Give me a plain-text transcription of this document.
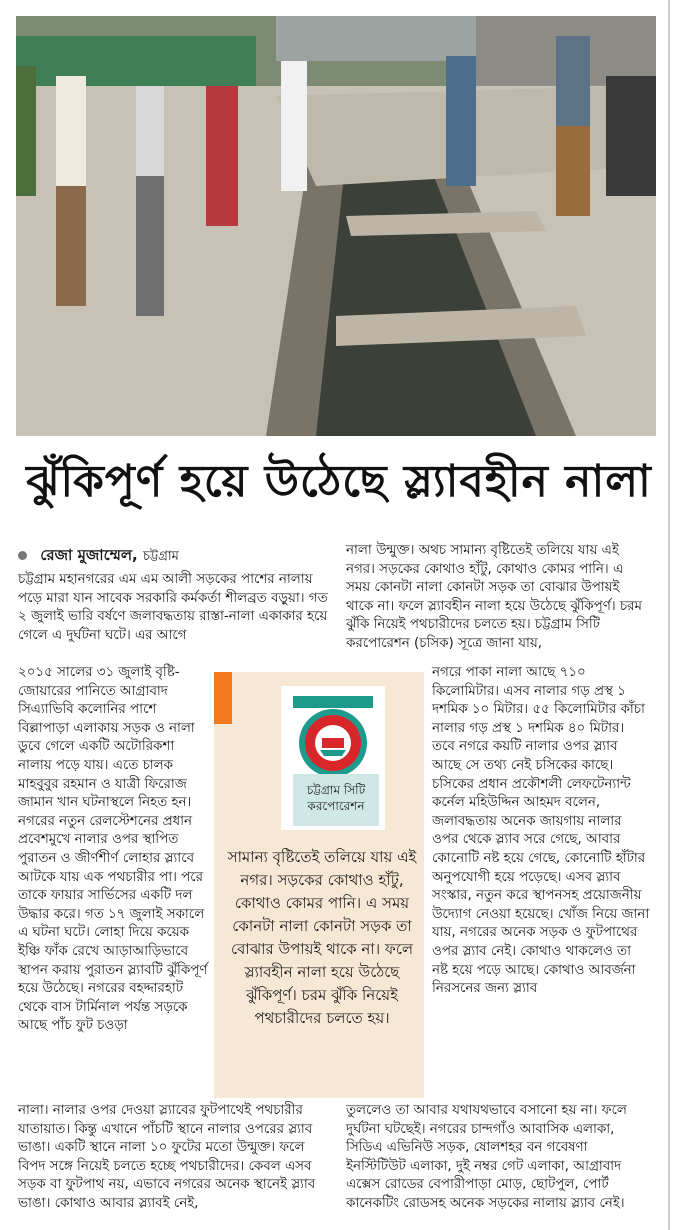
ঝুঁকিপূর্ণ হয়ে উঠেছে স্ল্যাবহীন নালা
রেজা মুজাম্মেল, চট্টগ্রাম

চট্টগ্রাম মহানগরের এম এম আলী সড়কের পাশের নালায় পড়ে মারা যান সাবেক সরকারি কর্মকর্তা শীলব্রত বড়ুয়া। গত ২ জুলাই ভারি বর্ষণে জলাবদ্ধতায় রাস্তা-নালা একাকার হয়ে গেলে এ দুর্ঘটনা ঘটে। এর আগে

২০১৫ সালের ৩১ জুলাই বৃষ্টি-জোয়ারের পানিতে আগ্রাবাদ সিএ্যাভিবি কলোনির পাশে বিল্লাপাড়া এলাকায় সড়ক ও নালা ডুবে গেলে একটি অটোরিকশা নালায় পড়ে যায়। এতে চালক মাহবুবুর রহমান ও যাত্রী ফিরোজ জামান খান ঘটনাস্থলে নিহত হন। নগরের নতুন রেলস্টেশনের প্রধান প্রবেশমুখে নালার ওপর স্থাপিত পুরাতন ও জীর্ণশীর্ণ লোহার স্ল্যাবে আটকে যায় এক পথচারীর পা। পরে তাকে ফায়ার সার্ভিসের একটি দল উদ্ধার করে। গত ১৭ জুলাই সকালে এ ঘটনা ঘটে। লোহা দিয়ে কয়েক ইঞ্চি ফাঁক রেখে আড়াআড়িভাবে স্থাপন করায় পুরাতন স্ল্যাবটি ঝুঁকিপূর্ণ হয়ে উঠেছে। নগরের বহদ্দারহাট থেকে বাস টার্মিনাল পর্যন্ত সড়কে আছে পাঁচ ফুট চওড়া

নালা। নালার ওপর দেওয়া স্ল্যাবের ফুটপাথেই পথচারীর যাতায়াত। কিন্তু এখানে পাঁচটি স্থানে নালার ওপরের স্ল্যাব ভাঙা। একটি স্থানে নালা ১০ ফুটের মতো উন্মুক্ত। ফলে বিপদ সঙ্গে নিয়েই চলতে হচ্ছে পথচারীদের। কেবল এসব সড়ক বা ফুটপাথ নয়, এভাবে নগরের অনেক স্থানেই স্ল্যাব ভাঙা। কোথাও আবার স্ল্যাবই নেই,

নালা উন্মুক্ত। অথচ সামান্য বৃষ্টিতেই তলিয়ে যায় এই নগর। সড়কের কোথাও হাঁটু, কোথাও কোমর পানি। এ সময় কোনটা নালা কোনটা সড়ক তা বোঝার উপায়ই থাকে না। ফলে স্ল্যাবহীন নালা হয়ে উঠেছে ঝুঁকিপূর্ণ। চরম ঝুঁকি নিয়েই পথচারীদের চলতে হয়। চট্টগ্রাম সিটি করপোরেশন (চসিক) সূত্রে জানা যায়,

নগরে পাকা নালা আছে ৭১০ কিলোমিটার। এসব নালার গড় প্রস্থ ১ দশমিক ১০ মিটার। ৫৫ কিলোমিটার কাঁচা নালার গড় প্রস্থ ১ দশমিক ৪০ মিটার। তবে নগরে কয়টি নালার ওপর স্ল্যাব আছে সে তথ্য নেই চসিকের কাছে। চসিকের প্রধান প্রকৌশলী লেফটেন্যান্ট কর্নেল মহিউদ্দিন আহমদ বলেন, জলাবদ্ধতায় অনেক জায়গায় নালার ওপর থেকে স্ল্যাব সরে গেছে, আবার কোনোটি নষ্ট হয়ে গেছে, কোনোটি হাঁটার অনুপযোগী হয়ে পড়েছে। এসব স্ল্যাব সংস্কার, নতুন করে স্থাপনসহ প্রয়োজনীয় উদ্যোগ নেওয়া হয়েছে। খোঁজ নিয়ে জানা যায়, নগরের অনেক সড়ক ও ফুটপাথের ওপর স্ল্যাব নেই। কোথাও থাকলেও তা নষ্ট হয়ে পড়ে আছে। কোথাও আবর্জনা নিরসনের জন্য স্ল্যাব

তুললেও তা আবার যথাযথভাবে বসানো হয় না। ফলে দুর্ঘটনা ঘটছেই। নগরের চান্দগাঁও আবাসিক এলাকা, সিডিএ এভিনিউ সড়ক, ষোলশহর বন গবেষণা ইনস্টিটিউট এলাকা, দুই নম্বর গেট এলাকা, আগ্রাবাদ এক্সেস রোডের বেপারীপাড়া মোড়, ছোটপুল, পোর্ট কানেকটিং রোডসহ অনেক সড়কের নালায় স্ল্যাব নেই।

চট্টগ্রাম সিটি করপোরেশন
সামান্য বৃষ্টিতেই তলিয়ে যায় এই নগর। সড়কের কোথাও হাঁটু, কোথাও কোমর পানি। এ সময় কোনটা নালা কোনটা সড়ক তা বোঝার উপায়ই থাকে না। ফলে স্ল্যাবহীন নালা হয়ে উঠেছে ঝুঁকিপূর্ণ। চরম ঝুঁকি নিয়েই পথচারীদের চলতে হয়।
